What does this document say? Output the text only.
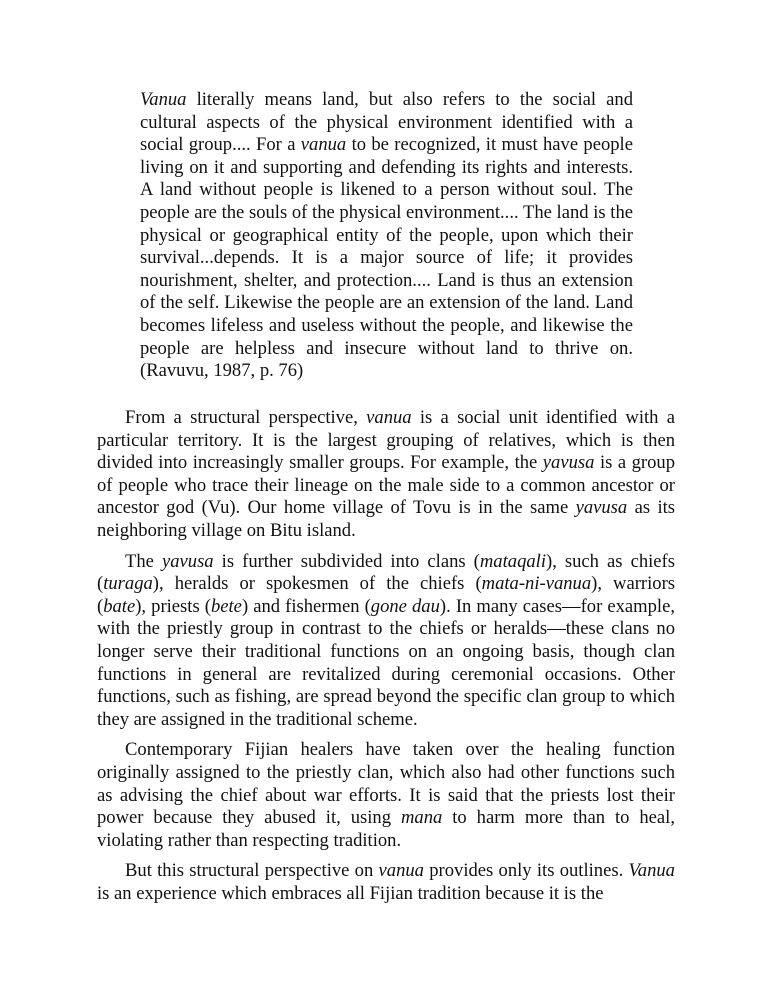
Vanua literally means land, but also refers to the social and cultural aspects of the physical environment identified with a social group.... For a vanua to be recognized, it must have people living on it and supporting and defending its rights and interests. A land without people is likened to a person without soul. The people are the souls of the physical environment.... The land is the physical or geographical entity of the people, upon which their survival...depends. It is a major source of life; it provides nourishment, shelter, and protection.... Land is thus an extension of the self. Likewise the people are an extension of the land. Land becomes lifeless and useless without the people, and likewise the people are helpless and insecure without land to thrive on. (Ravuvu, 1987, p. 76)

From a structural perspective, vanua is a social unit identified with a particular territory. It is the largest grouping of relatives, which is then divided into increasingly smaller groups. For example, the yavusa is a group of people who trace their lineage on the male side to a common ancestor or ancestor god (Vu). Our home village of Tovu is in the same yavusa as its neighboring village on Bitu island.

The yavusa is further subdivided into clans (mataqali), such as chiefs (turaga), heralds or spokesmen of the chiefs (mata-ni-vanua), warriors (bate), priests (bete) and fishermen (gone dau). In many cases—for example, with the priestly group in contrast to the chiefs or heralds—these clans no longer serve their traditional functions on an ongoing basis, though clan functions in general are revitalized during ceremonial occasions. Other functions, such as fishing, are spread beyond the specific clan group to which they are assigned in the traditional scheme.

Contemporary Fijian healers have taken over the healing function originally assigned to the priestly clan, which also had other functions such as advising the chief about war efforts. It is said that the priests lost their power because they abused it, using mana to harm more than to heal, violating rather than respecting tradition.

But this structural perspective on vanua provides only its outlines. Vanua is an experience which embraces all Fijian tradition because it is the
